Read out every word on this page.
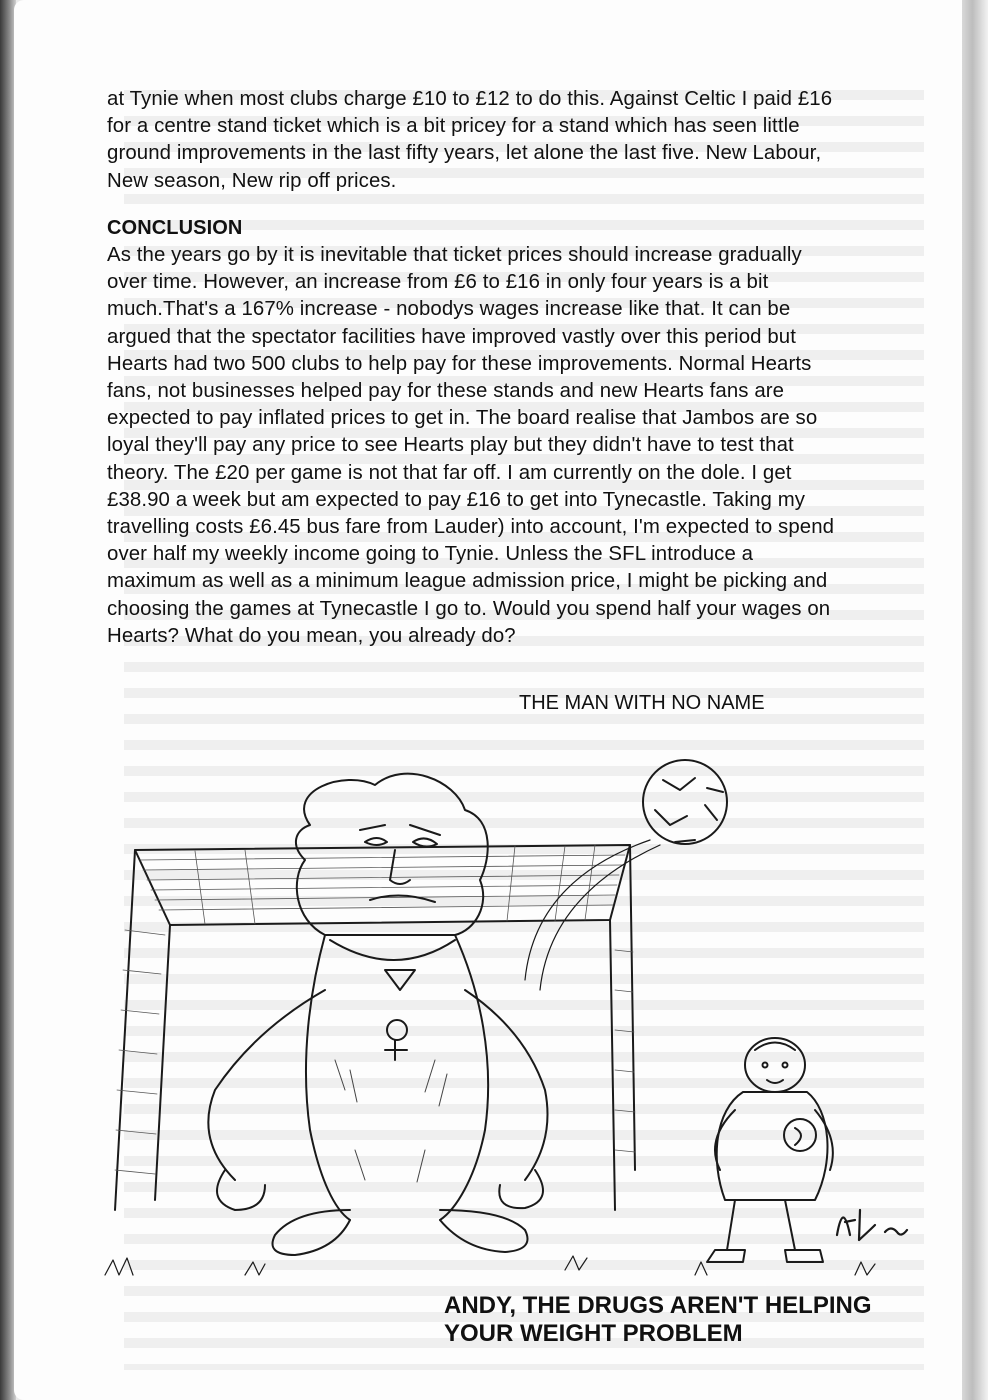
at Tynie when most clubs charge £10 to £12 to do this. Against Celtic I paid £16
for a centre stand ticket which is a bit pricey for a stand which has seen little
ground improvements in the last fifty years, let alone the last five. New Labour,
New season, New rip off prices.

CONCLUSION

As the years go by it is inevitable that ticket prices should increase gradually
over time. However, an increase from £6 to £16 in only four years is a bit
much.That's a 167% increase - nobodys wages increase like that. It can be
argued that the spectator facilities have improved vastly over this period but
Hearts had two 500 clubs to help pay for these improvements. Normal Hearts
fans, not businesses helped pay for these stands and new Hearts fans are
expected to pay inflated prices to get in. The board realise that Jambos are so
loyal they'll pay any price to see Hearts play but they didn't have to test that
theory. The £20 per game is not that far off. I am currently on the dole. I get
£38.90 a week but am expected to pay £16 to get into Tynecastle. Taking my
travelling costs £6.45 bus fare from Lauder) into account, I'm expected to spend
over half my weekly income going to Tynie. Unless the SFL introduce a
maximum as well as a minimum league admission price, I might be picking and
choosing the games at Tynecastle I go to. Would you spend half your wages on
Hearts? What do you mean, you already do?

THE MAN WITH NO NAME
ANDY, THE DRUGS AREN'T HELPING
YOUR WEIGHT PROBLEM
